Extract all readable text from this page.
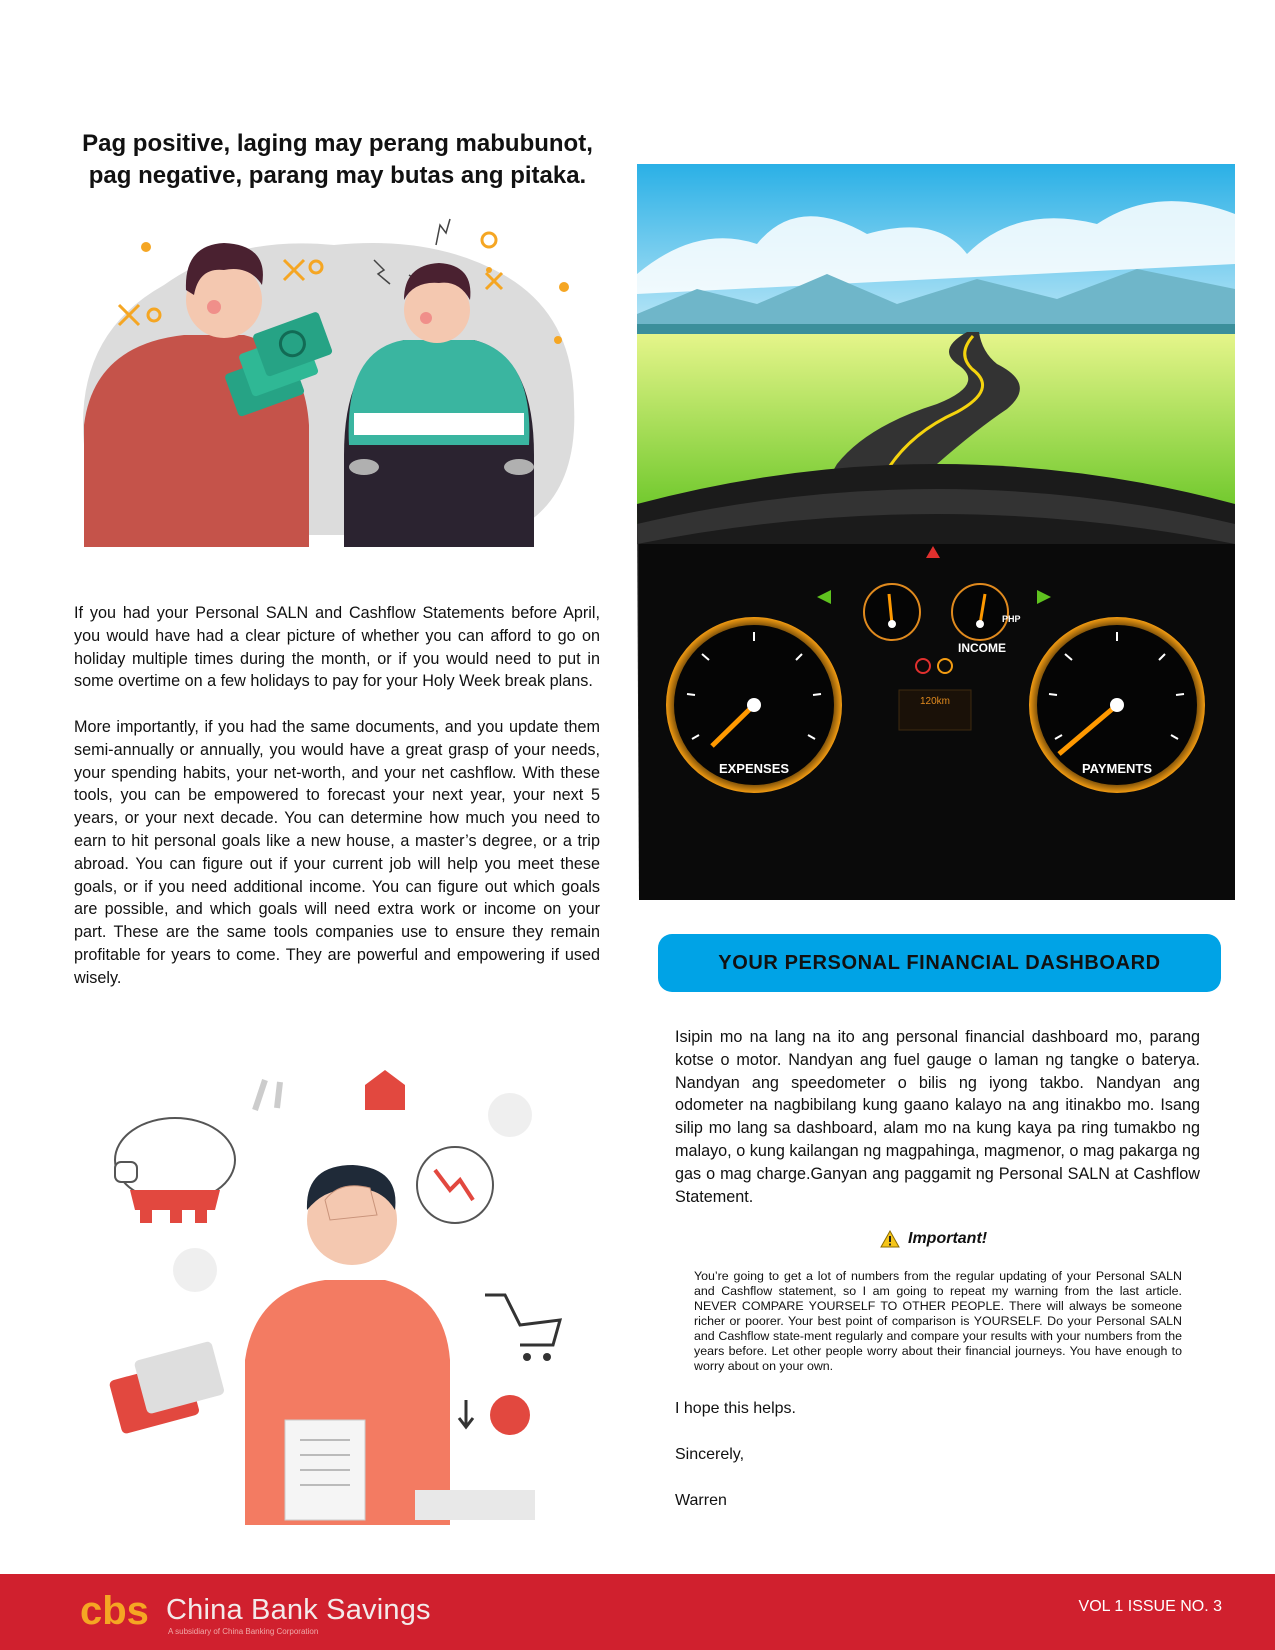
Pag positive, laging may perang mabubunot,
pag negative, parang may butas ang pitaka.

If you had your Personal SALN and Cashflow Statements before April, you would have had a clear picture of whether you can afford to go on holiday multiple times during the month, or if you would need to put in some overtime on a few holidays to pay for your Holy Week break plans.

More importantly, if you had the same documents, and you update them semi-annually or annually, you would have a great grasp of your needs, your spending habits, your net-worth, and your net cashflow. With these tools, you can be empowered to forecast your next year, your next 5 years, or your next decade. You can determine how much you need to earn to hit personal goals like a new house, a master’s degree, or a trip abroad. You can figure out if your current job will help you meet these goals, or if you need additional income. You can figure out which goals are possible, and which goals will need extra work or income on your part. These are the same tools companies use to ensure they remain profitable for years to come. They are powerful and empowering if used wisely.

EXPENSES	PAYMENTS
PHP
INCOME
120km
YOUR PERSONAL FINANCIAL DASHBOARD

Isipin mo na lang na ito ang personal financial dashboard mo, parang kotse o motor. Nandyan ang fuel gauge o laman ng tangke o baterya. Nandyan ang speedometer o bilis ng iyong takbo. Nandyan ang odometer na nagbibilang kung gaano kalayo na ang itinakbo mo. Isang silip mo lang sa dashboard, alam mo na kung kaya pa ring tumakbo ng malayo, o kung kailangan ng magpahinga, magmenor, o mag pakarga ng gas o mag charge.Ganyan ang paggamit ng Personal SALN at Cashflow Statement.

Important!

You’re going to get a lot of numbers from the regular updating of your Personal SALN and Cashflow statement, so I am going to repeat my warning from the last article. NEVER COMPARE YOURSELF TO OTHER PEOPLE. There will always be someone richer or poorer. Your best point of comparison is YOURSELF. Do your Personal SALN and Cashflow state-ment regularly and compare your results with your numbers from the years before. Let other people worry about their financial journeys. You have enough to worry about on your own.

I hope this helps.
Sincerely,
Warren
cbs China Bank Savings
A subsidiary of China Banking Corporation
VOL 1 ISSUE NO. 3
